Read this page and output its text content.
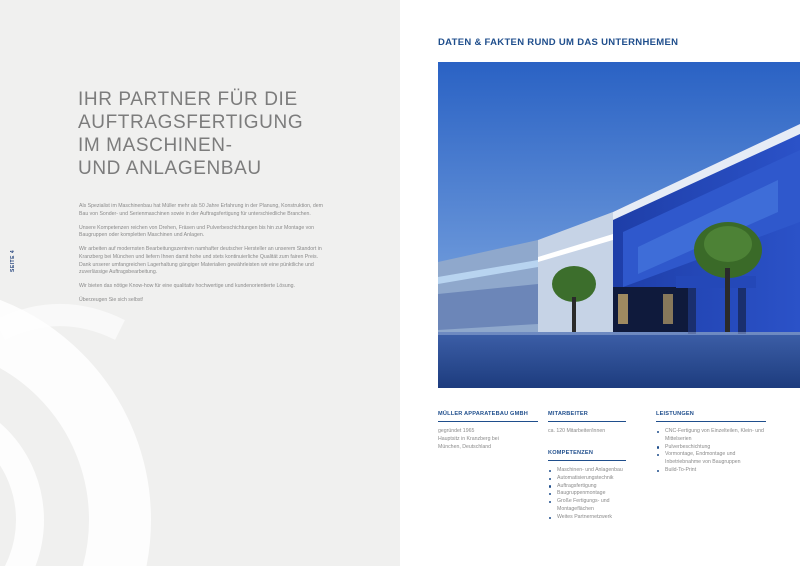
SEITE 4
IHR PARTNER FÜR DIE
AUFTRAGSFERTIGUNG
IM MASCHINEN-
UND ANLAGENBAU

Als Spezialist im Maschinenbau hat Müller mehr als 50 Jahre Erfahrung in der Planung, Konstruktion, dem Bau von Sonder- und Serienmaschinen sowie in der Auftragsfertigung für unterschiedliche Branchen.

Unsere Kompetenzen reichen von Drehen, Fräsen und Pulverbeschichtungen bis hin zur Montage von Baugruppen oder kompletten Maschinen und Anlagen.

Wir arbeiten auf modernsten Bearbeitungszentren namhafter deutscher Hersteller an unserem Standort in Kranzberg bei München und liefern Ihnen damit hohe und stets kontinuierliche Qualität zum fairen Preis. Dank unserer umfangreichen Lagerhaltung gängiger Materialien gewährleisten wir eine pünktliche und zuverlässige Auftragsbearbeitung.

Wir bieten das nötige Know-how für eine qualitativ hochwertige und kundenorientierte Lösung.

Überzeugen Sie sich selbst!

DATEN & FAKTEN RUND UM DAS UNTERNHEMEN
MÜLLER APPARATEBAU GMBH
gegründet 1965
Hauptsitz in Kranzberg bei
München, Deutschland
MITARBEITER
ca. 120 Mitarbeiter/innen
KOMPETENZEN
Maschinen- und Anlagenbau
Automatisierungstechnik
Auftragsfertigung
Baugruppenmontage
Große Fertigungs- und Montageflächen
Weites Partnernetzwerk
LEISTUNGEN
CNC-Fertigung von Einzelteilen, Klein- und Mittelserien
Pulverbeschichtung
Vormontage, Endmontage und Inbetriebnahme von Baugruppen
Build-To-Print
